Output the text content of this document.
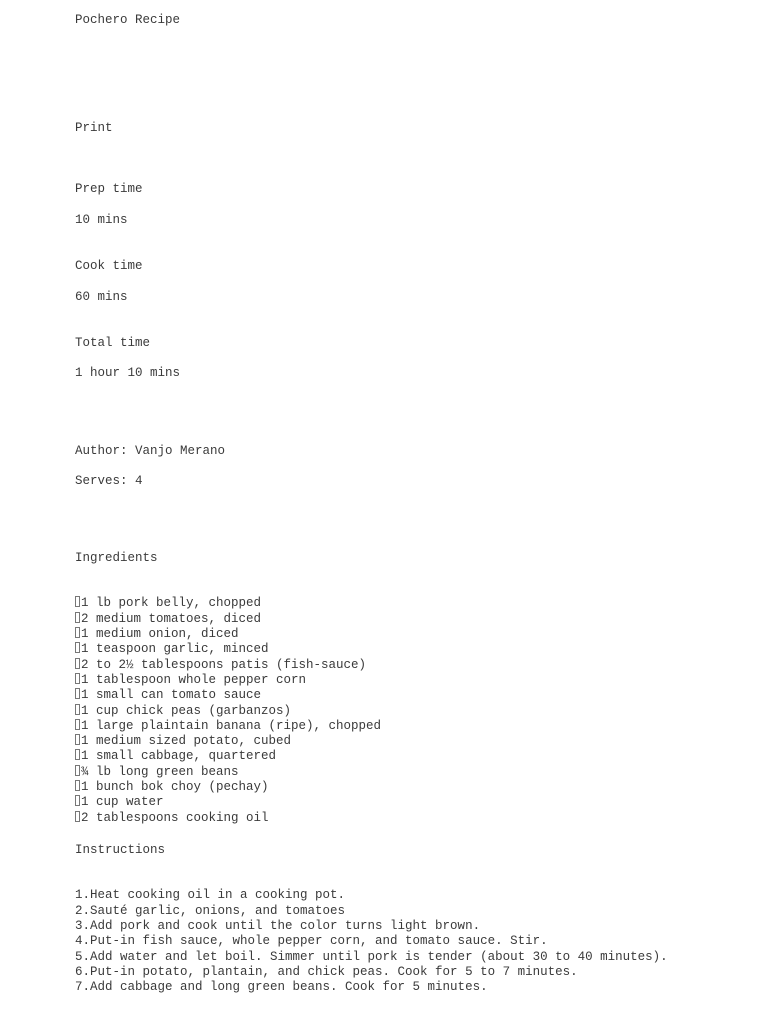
Pochero Recipe
Print
Prep time
10 mins
Cook time
60 mins
Total time
1 hour 10 mins
Author: Vanjo Merano
Serves: 4

Ingredients

1 lb pork belly, chopped
2 medium tomatoes, diced
1 medium onion, diced
1 teaspoon garlic, minced
2 to 2½ tablespoons patis (fish-sauce)
1 tablespoon whole pepper corn
1 small can tomato sauce
1 cup chick peas (garbanzos)
1 large plaintain banana (ripe), chopped
1 medium sized potato, cubed
1 small cabbage, quartered
¾ lb long green beans
1 bunch bok choy (pechay)
1 cup water
2 tablespoons cooking oil

Instructions

1.Heat cooking oil in a cooking pot.
2.Sauté garlic, onions, and tomatoes
3.Add pork and cook until the color turns light brown.
4.Put-in fish sauce, whole pepper corn, and tomato sauce. Stir.
5.Add water and let boil. Simmer until pork is tender (about 30 to 40 minutes).
6.Put-in potato, plantain, and chick peas. Cook for 5 to 7 minutes.
7.Add cabbage and long green beans. Cook for 5 minutes.
